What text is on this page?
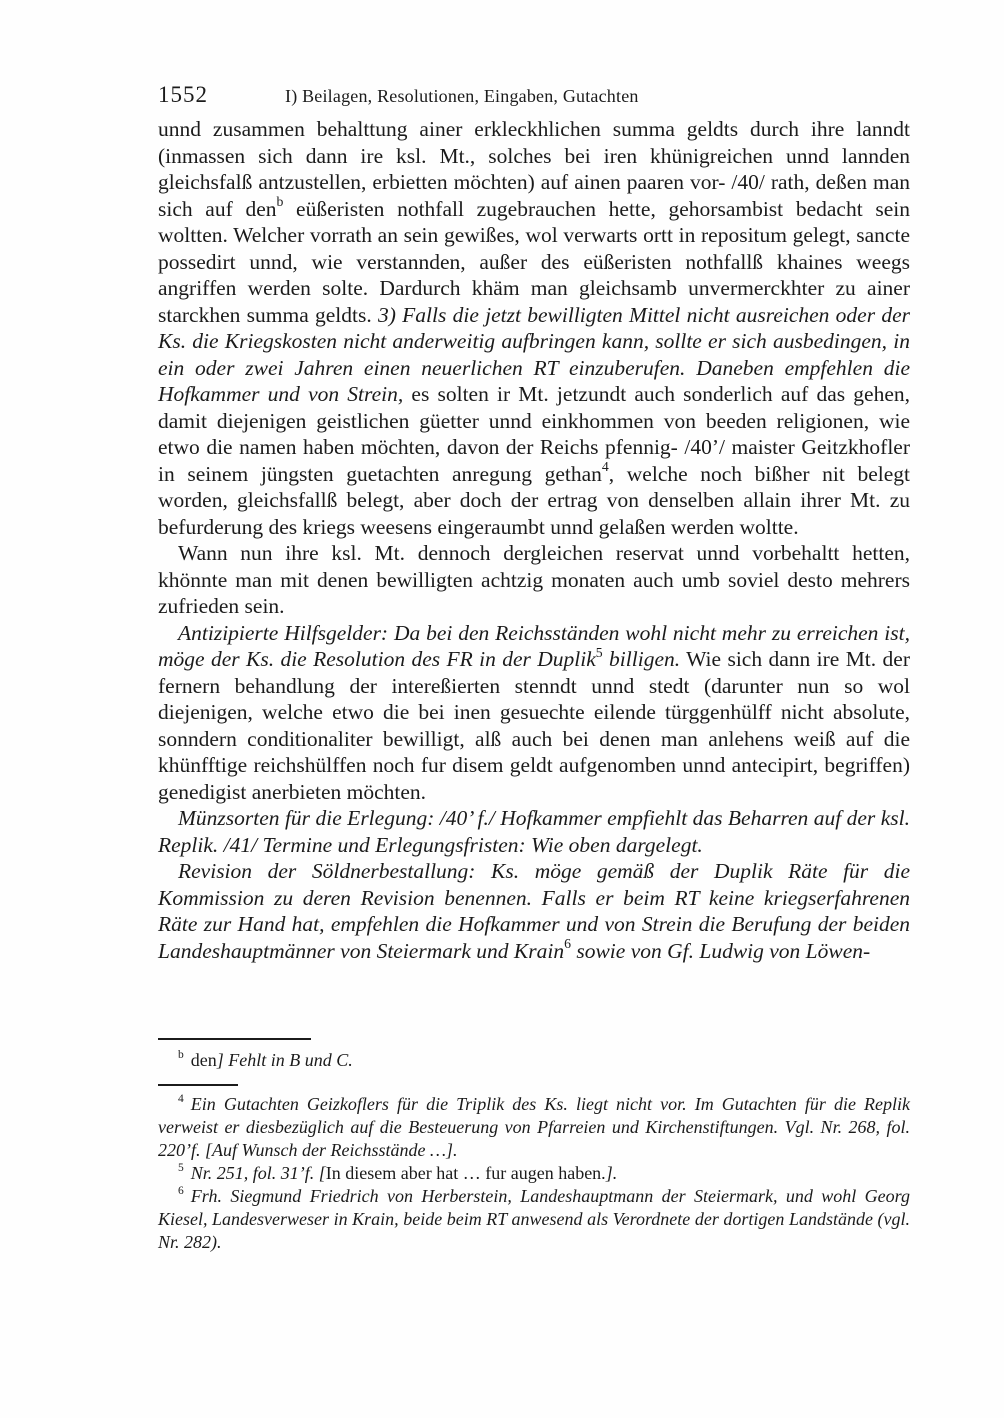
1552	I) Beilagen, Resolutionen, Eingaben, Gutachten

unnd zusammen behalttung ainer erkleckhlichen summa geldts durch ihre lanndt (inmassen sich dann ire ksl. Mt., solches bei iren khünigreichen unnd lannden gleichsfalß antzustellen, erbietten möchten) auf ainen paaren vor- /40/ rath, deßen man sich auf den$^b$ eüßeristen nothfall zugebrauchen hette, gehorsambist bedacht sein woltten. Welcher vorrath an sein gewißes, wol verwarts ortt in repositum gelegt, sancte possedirt unnd, wie verstannden, außer des eüßeristen nothfallß khaines weegs angriffen werden solte. Dardurch khäm man gleichsamb unvermerckhter zu ainer starckhen summa geldts. 3) Falls die jetzt bewilligten Mittel nicht ausreichen oder der Ks. die Kriegskosten nicht anderweitig aufbringen kann, sollte er sich ausbedingen, in ein oder zwei Jahren einen neuerlichen RT einzuberufen. Daneben empfehlen die Hofkammer und von Strein, es solten ir Mt. jetzundt auch sonderlich auf das gehen, damit diejenigen geistlichen güetter unnd einkhommen von beeden religionen, wie etwo die namen haben möchten, davon der Reichs pfennig- /40’/ maister Geitzkhofler in seinem jüngsten guetachten anregung gethan$^4$, welche noch bißher nit belegt worden, gleichsfallß belegt, aber doch der ertrag von denselben allain ihrer Mt. zu befurderung des kriegs weesens eingeraumbt unnd gelaßen werden woltte.

Wann nun ihre ksl. Mt. dennoch dergleichen reservat unnd vorbehaltt hetten, khönnte man mit denen bewilligten achtzig monaten auch umb soviel desto mehrers zufrieden sein.

Antizipierte Hilfsgelder: Da bei den Reichsständen wohl nicht mehr zu erreichen ist, möge der Ks. die Resolution des FR in der Duplik$^5$ billigen. Wie sich dann ire Mt. der fernern behandlung der intereßierten stenndt unnd stedt (darunter nun so wol diejenigen, welche etwo die bei inen gesuechte eilende türggenhülff nicht absolute, sonndern conditionaliter bewilligt, alß auch bei denen man anlehens weiß auf die khünfftige reichshülffen noch fur disem geldt aufgenomben unnd antecipirt, begriffen) genedigist anerbieten möchten.

Münzsorten für die Erlegung: /40’ f./ Hofkammer empfiehlt das Beharren auf der ksl. Replik. /41/ Termine und Erlegungsfristen: Wie oben dargelegt.

Revision der Söldnerbestallung: Ks. möge gemäß der Duplik Räte für die Kommission zu deren Revision benennen. Falls er beim RT keine kriegserfahrenen Räte zur Hand hat, empfehlen die Hofkammer und von Strein die Berufung der beiden Landeshauptmänner von Steiermark und Krain$^6$ sowie von Gf. Ludwig von Löwen-

$^b$ den] Fehlt in B und C.

$^4$ Ein Gutachten Geizkoflers für die Triplik des Ks. liegt nicht vor. Im Gutachten für die Replik verweist er diesbezüglich auf die Besteuerung von Pfarreien und Kirchenstiftungen. Vgl. Nr. 268, fol. 220’f. [Auf Wunsch der Reichsstände …].

$^5$ Nr. 251, fol. 31’f. [In diesem aber hat … fur augen haben.].

$^6$ Frh. Siegmund Friedrich von Herberstein, Landeshauptmann der Steiermark, und wohl Georg Kiesel, Landesverweser in Krain, beide beim RT anwesend als Verordnete der dortigen Landstände (vgl. Nr. 282).
